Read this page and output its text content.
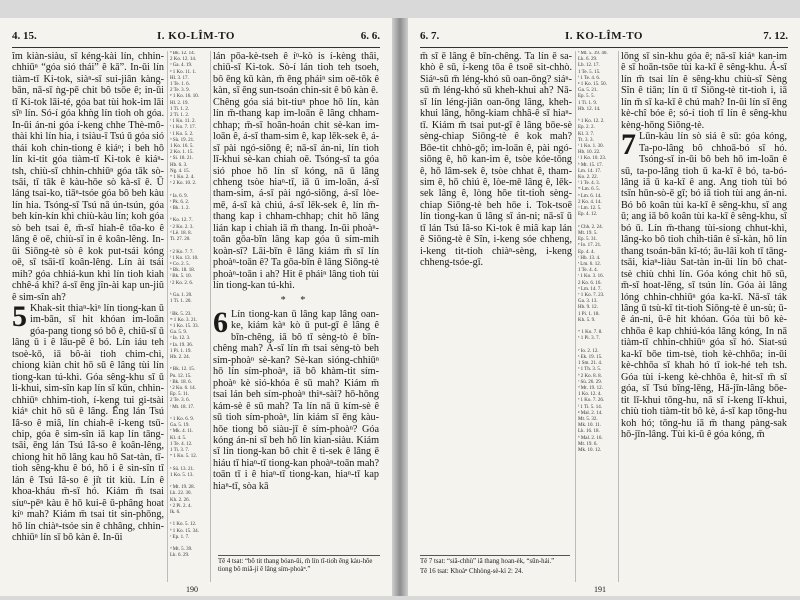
4. 15.	I. KO-LÎM-TO	6. 6.

îm kiàn-siàu, sī kéng-kài lín, chhin-chhiūⁿ “góa sió thái” ê kā”. In-ūi lín tiàm-tī Ki-tok, siàⁿ-sī sui-jiân kàng-bān, nā-sī ǹg-pē chit bô tsōe ê; in-ūi tī Ki-tok lāi-té, góa bat tùi hok-im lāi sīⁿ lín. Só-í góa khǹg lín tioh oh góa. In-ūi án-ni góa í-keng chhe Thè-mô-thài khì lín hia, i tsiàu-ī Tsú ū góa sió thái koh chin-tiong ê kiáⁿ; i beh hō lín ki-tit góa tiàm-tī Ki-tok ê kiáⁿ-tsh, chiù-sī chhin-chhiūⁿ góa tāk sò-tsāi, tī tāk ê kàu-hōe sò kà-sī ê. Ū láng tsai-ko, tiāⁿ-tsóe góa bô beh kàu lín hia. Tsóng-sī Tsú nā ún-tsún, góa beh kín-kín khì chiù-kàu lín; koh góa sò beh tsai ê, m̄-sī hiah-ê tōa-ko ê lâng ê oē, chiù-sī in ê koân-lêng. In-ūi Siōng-tè sò ê kok put-tsái kóng oē, sī tsāi-tī koân-lêng. Lín ài tsái mih? góa chhiá-kun khì lín tioh kiah chhê-á khì? á-sī ēng jîn-ài kap un-jiû ê sim-sîn ah?

5 Khak-sit thiaⁿ-kìⁿ lín tiong-kan ū im-bān, sī hit khóan im-loān góa-pang tiong só bô ê, chiū-sī ū lâng ū i ê lāu-pē ê bó. Lín iáu teh tsoè-kō, iā bô-ài tioh chim-chì, chiong kiàn chit hō sū ê lâng tùi lín tiong-kan tú-khì. Góa sêng-khu sī ū li-khui, sim-sîn kap lín sī kūn, chhin-chhiūⁿ chhim-tioh, í-keng tui gi-tsài kiáⁿ chit hō sū ê lâng. Ēng lán Tsú Iâ-so ê miâ, lín chiah-ê í-keng tsū-chip, góa ê sim-sîn iā kap lín tāng-tsāi, ēng lán Tsú Iâ-so ê koân-lêng, chiong hit hō lâng kau hō Sat-tàn, tī-tioh sêng-khu ê bó, hō i ê sìn-sîn tī lán ê Tsú Iâ-so ê ji̍t tit kiù. Lín ê khoa-kháu m̄-sī hó. Kiám m̄ tsai síuⁿ-pēⁿ kàu ē hō kui-ê ū-phâng hoat kíⁿ mah? Kiám m̄ tsai tit sin-phōng, hō lín chiàⁿ-tsóe sin ê chhâng, chhin-chhiūⁿ lín sī bô kàn ê. In-ūi

ⁿ Bk. 12. 14.
2 Ko. 12. 14.
ᵒ Ga. 4. 19.
ᵖ 1 Ko. 11. 1.
Hl. 3. 17.
1 Te. 1. 6.
2 Te. 3. 9.
ᵠ 1 Ko. 16. 10.
Hl. 2. 19.
1 Ti. 1. 2.
2 Ti. 1. 2.
ʳ 1 Ko. 11. 2.
ˢ 1 Ko. 7. 17.
ᵗ 1 Ko. 5. 2.
ᵘ Sù. 19. 21.
1 Ko. 16. 5.
2 Ko. 1. 15.
ᵛ Si. 18. 21.
Hb. 6. 3.
Ng. 4. 15.
ʷ 1 Ko. 2. 4.
ˣ 2 Ko. 10. 2.

ʸ Ia. 6. 9.
ᶻ Pk. 6. 2.
ᵃ Bk. 1. 2.

ᵇ Ko. 12. 7.
ᶜ 2 Ko. 2. 3.
ᵈ Lê. 18. 8.
Ti. 27. 20.

ᵉ 2 Ko. 7. 7.
ᶠ 1 Ko. 13. 10.
ᵍ Co. 2. 5.
ʰ Bk. 18. 18.
ⁱ Bk. 5. 10.
ʲ 2 Ko. 2. 6.

ᵏ Ga. 1. 20.
1 Ti. 1. 20.

ˡ Bk. 5. 23.
ᵐ 1 Ko. 3. 21.
ⁿ 1 Ko. 15. 33.
Ga. 5. 9.
ᵒ Ia. 12. 3.
ᵖ Ia. 19. 36.
1 Pi. 1. 19.
Hb. 2. 24.

ᵠ Bk. 12. 15.
Pu. 12. 15.
ʳ Bk. 18. 6.
ˢ 2 Ko. 6. 14.
Ep. 5. 11.
2 Te. 3. 6.
ᵗ Mt. 18. 17.

ᵘ 1 Ko. 6. 9.
Ga. 5. 19.
ᵛ Mk. 4. 11.
Kl. 4. 5.
1 Te. 4. 12.
1 Ti. 3. 7.
ʷ 1 Ko. 5. 12.

ˣ Sū. 13. 21.
1 Ko. 5. 13.

ʸ Mt. 19. 28.
Lk. 22. 30.
Kh. 2. 26.
ᶻ 2 Pi. 2. 4.
Ik. 6.

ᵃ 1 Ko. 5. 12.
ᵇ 1 Ko. 15. 34.
ᶜ Ep. 1. 7.

ᵈ Mt. 5. 39.
Lk. 6. 29.

lán pōa-kè-tseh ê íⁿ-kò is í-kèng thâi, chiū-sī Ki-tok. Sò-í lán tioh teh tsoeh, bô ēng kū kàn, m̄ ēng pháiⁿ sim oē-tōk ê kàn, sī ēng sun-tsoán chin-sit ê bô kàn ê.

Chêng góa siá bit-tiuⁿ phoe hō lín, kàn lín m̄-thang kap im-loān ê lâng chham-chhap; m̄-sī hoân-hoán chit sè-kan im-loān ê, á-sī tham-sim ê, kap lēk-sek ê, á-sī pài ngó-siōng ê; nā-sī án-ni, lín tioh lī-khui sè-kan chiah oē. Tsóng-sī ta góa sió phoe hō lín sī kóng, nā ū lâng chheng tsòe hiaⁿ-tī, iā ū im-loān, á-sī tham-sim, á-sī pài ngó-siōng, á-sī lòe-mē, á-sī kà chiú, á-sī lēk-sek ê, lín m̄-thang kap i chham-chhap; chit hō lâng lián kap i chiah iā m̄ thang. In-ūi phoàⁿ-toān gōa-bīn lâng kap góa ū sím-mih koàn-sî? Lāi-bīn ê lâng kiám m̄ sī lín phoàⁿ-toān ê? Ta gōa-bīn ê lâng Siōng-tè phoàⁿ-toān i ah? Hit ê pháiⁿ lâng tioh tùi lín tiong-kan tú-khì.

* *

6 Lín tiong-kan ū lâng kap lâng oan-ke, kiám kàⁿ kò ū put-gī ê lâng ê bīn-chêng, iā bô tī sèng-tò ê bīn-chêng mah? Á-sī lín m̄ tsai sèng-tò beh sím-phoàⁿ sè-kan? Sè-kan sióng-chhiūⁿ hō lín sím-phoàⁿ, iā bô khàm-tit sím-phoàⁿ kè sió-khóa ê sū mah? Kiám m̄ tsai lán beh sím-phoàⁿ thiⁿ-sài? hō-hōng kám-sè ê sū mah? Ta lín nā ū kím-sè ê sū tioh sím-phoàⁿ, lín kiám sī ēng kàu-hōe tiong bô siàu-jī ê sím-phoàⁿ? Góa kóng án-ni sī beh hō lín kian-siàu. Kiám sī lín tiong-kan bô chit ê tì-sek ê lâng ē hiáu tī hiaⁿ-tī tiong-kan phoàⁿ-toān mah? toān tī i ê hiaⁿ-tī tiong-kan, hiaⁿ-tī kap hiaⁿ-tī, sòa kā

Tē 4 tsat: “bô tit thang bóan-ūi, m̄ lín tī-tio̍h ēng kàu-hōe tiong bô miâ-jí ê lâng sím-phoàⁿ.”
190
6. 7.	I. KO-LÎM-TO	7. 12.

m̄ sī ē lâng ê bīn-chêng. Ta lín ē sa-khò ê sū, í-keng tōa ê tsoē sit-chhò. Siáⁿ-sū m̄ léng-khó sū oan-ōng? siáⁿ-sū m̄ léng-khó sū kheh-khui ah? Nā-sī lín léng-jiân oan-ōng lâng, kheh-khui lâng, hōng-kiam chhâ-ê sī hiaⁿ-tī. Kiám m̄ tsai put-gī ê lâng bōe-sè sèng-chiap Siōng-tè ê kok mah? Bōe-tit chhò-gō; im-loān ê, pài ngó-siōng ê, hō kan-im ê, tsòe kóe-tōng ê, hō lâm-sek ê, tsòe chhat ê, tham-sim ê, hō chiú ê, lòe-mē lâng ê, lēk-sek lâng ê, lòng hōe tit-tioh sèng-chiap Siōng-tè beh hōe i. Tok-tsoē lín tiong-kan ū lâng sī án-ni; nā-sī ū tī lán Tsú Iâ-so Ki-tok ê miâ kap lán ê Siōng-tè ê Sîn, i-keng sóe chheng, i-keng tit-tioh chiàⁿ-sèng, i-keng chheng-tsóe-gī.

ᵉ Mt. 5. 39. 40.
Lk. 6. 29.
Lb. 12. 17.
1 Te. 5. 15.
ᶠ 1 Te. 4. 6.
ᵍ 1 Ko. 15. 50.
Ga. 5. 21.
Ep. 5. 5.
1 Ti. 1. 9.
Hb. 12. 14.

ʰ 1 Ko. 12. 2.
Ep. 2. 2.
Kl. 3. 7.
Tt. 3. 3.
ⁱ 1 Ko. 1. 30.
Hb. 10. 22.
ʲ 1 Ko. 10. 23.
ᵏ Mt. 15. 17.
Lm. 14. 17.
Ko. 2. 22.
ˡ 1 Te. 4. 3.
ᵐ Lm. 6. 5.
ⁿ Lm. 6. 14.
2 Ko. 4. 14.
ᵒ Lm. 12. 5.
Ep. 4. 12.

ᵖ Chh. 2. 24.
Mt. 19. 5.
Ep. 5. 31.
ᵠ Io. 17. 21.
Ep. 4. 4.
ʳ Hb. 13. 4.
ˢ Lm. 6. 12.
1 Te. 4. 4.
ᵗ 1 Ko. 3. 16.
2 Ko. 6. 16.
ᵘ Lm. 14. 7.
ᵛ 1 Ko. 7. 23.
Ga. 3. 13.
Hb. 9. 12.
1 Pi. 1. 18.
Kh. 5. 9.

ʷ 1 Ko. 7. 8.
ˣ 1 Pi. 3. 7.

ʸ Io. 2. 12.
ᶻ Ek. 19. 15.
1 Sm. 21. 4.
ᵃ 1 Th. 3. 5.
ᵇ 2 Ko. 8. 8.
ᶜ Sù. 26. 29.
ᵈ Mt. 19. 12.
1 Ko. 12. 4.
ᵉ 1 Ko. 7. 26.
ᶠ 1 Ti. 5. 14.
ᵍ Mal. 2. 14.
Mt. 5. 32.
Mk. 10. 11.
Lk. 16. 18.
ʰ Mal. 2. 16.
Mt. 19. 6.
Mk. 10. 12.

lōng sī sin-khu góa ê; nā-sī kiáⁿ kan-im ê sī hoān-tsōe tùi ka-kī ê sêng-khu. Á-sī lín m̄ tsai lín ê sêng-khu chiù-sī Sèng Sîn ê tiān; lín ū tī Siōng-tè tit-tioh i, iā lín m̄ sī ka-kī ê chú mah? In-ūi lín sī ēng kè-chî bóe ê; só-í tioh tī lín ê sêng-khu kèng-hōng Siōng-tè.

7 Lūn-kàu lín sò siá ê sū: góa kóng, Ta-po-lâng bô chhoā-bó sī hó. Tsóng-sī in-ūi bô beh hō im-loān ê sū, ta-po-lâng tioh ū ka-kī ê bó, ta-bó-lâng iā ū ka-kī ê ang. Ang tioh tùi bó tsīn hūn-sò-ē gī; bó iā tioh tùi ang án-ni. Bó bô koân tùi ka-kī ê sêng-khu, sī ang ū; ang iā bô koân tùi ka-kī ê sêng-khu, sī bó ū. Lín m̄-thang tùi-siong chhut-khì, lâng-ko bô tioh chih-tiân ê sî-kàn, hō lín thang tsoán-bān kî-tó; āu-lâi koh tī tāng-tsāi, kiaⁿ-liàu Sat-tàn in-ūi lín bô chat-tsè chiù chhì lín. Góa kóng chit hō sū, m̄-sī hoat-lēng, sī tsún lín. Góa ài lâng lóng chhin-chhiūⁿ góa ka-kī. Nā-sī ták lâng ū tsù-kī tit-tioh Siōng-tè ê un-sù; ū-ê án-ni, ū-ê hit khóan. Góa tùi bô kè-chhōa ê kap chhiú-kóa lâng kóng, In nā tiàm-tī chhin-chhiūⁿ góa sī hó. Siat-sú ka-kī bōe tìm-tsè, tioh kè-chhōa; in-ūi kè-chhōa sī khah hó tī iok-hé teh tsh. Góa tùi í-keng kè-chhōa ê, hit-sī m̄ sī góa, sī Tsú bīng-lēng, Hā-jīn-lâng bōe-tit lī-khui tōng-hu, nā sī í-keng lī-khui, chiù tioh tiàm-tit bô kè, á-sī kap tōng-hu koh hó; tōng-hu iā m̄ thang pàng-sak hō-jīn-lâng. Tùi kì-ū ê góa kóng, m̄

Tē 7 tsat: “siâ-chhù” iā thang hoan-èk, “sūn-hái.”
Tē 16 tsat: Khoàⁿ Chhòng-sè-kì 2: 24.
191
